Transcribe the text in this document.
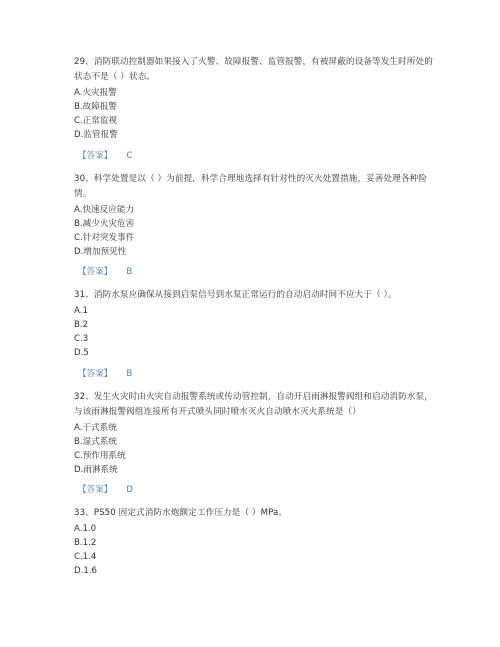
29、消防联动控制器如果接入了火警、故障报警、监管报警，有被屏蔽的设备等发生时所处的状态不是（ ）状态。

A.火灾报警

B.故障报警

C.正常监视

D.监管报警

【答案】 C

30、科学处置是以（ ）为前提，科学合理地选择有针对性的灭火处置措施，妥善处理各种险情。

A.快速反应能力

B.减少火灾危害

C.针对突发事件

D.增加预见性

【答案】 B

31、消防水泵应确保从接到启泵信号到水泵正常运行的自动启动时间不应大于（ ）。

A.1

B.2

C.3

D.5

【答案】 B

32、发生火灾时由火灾自动报警系统或传动管控制，自动开启雨淋报警阀组和启动消防水泵，与该雨淋报警阀组连接所有开式喷头同时喷水灭火自动喷水灭火系统是（）

A.干式系统

B.湿式系统

C.预作用系统

D.雨淋系统

【答案】 D

33、PS50 固定式消防水炮额定工作压力是（ ）MPa。

A.1.0

B.1.2

C.1.4

D.1.6
